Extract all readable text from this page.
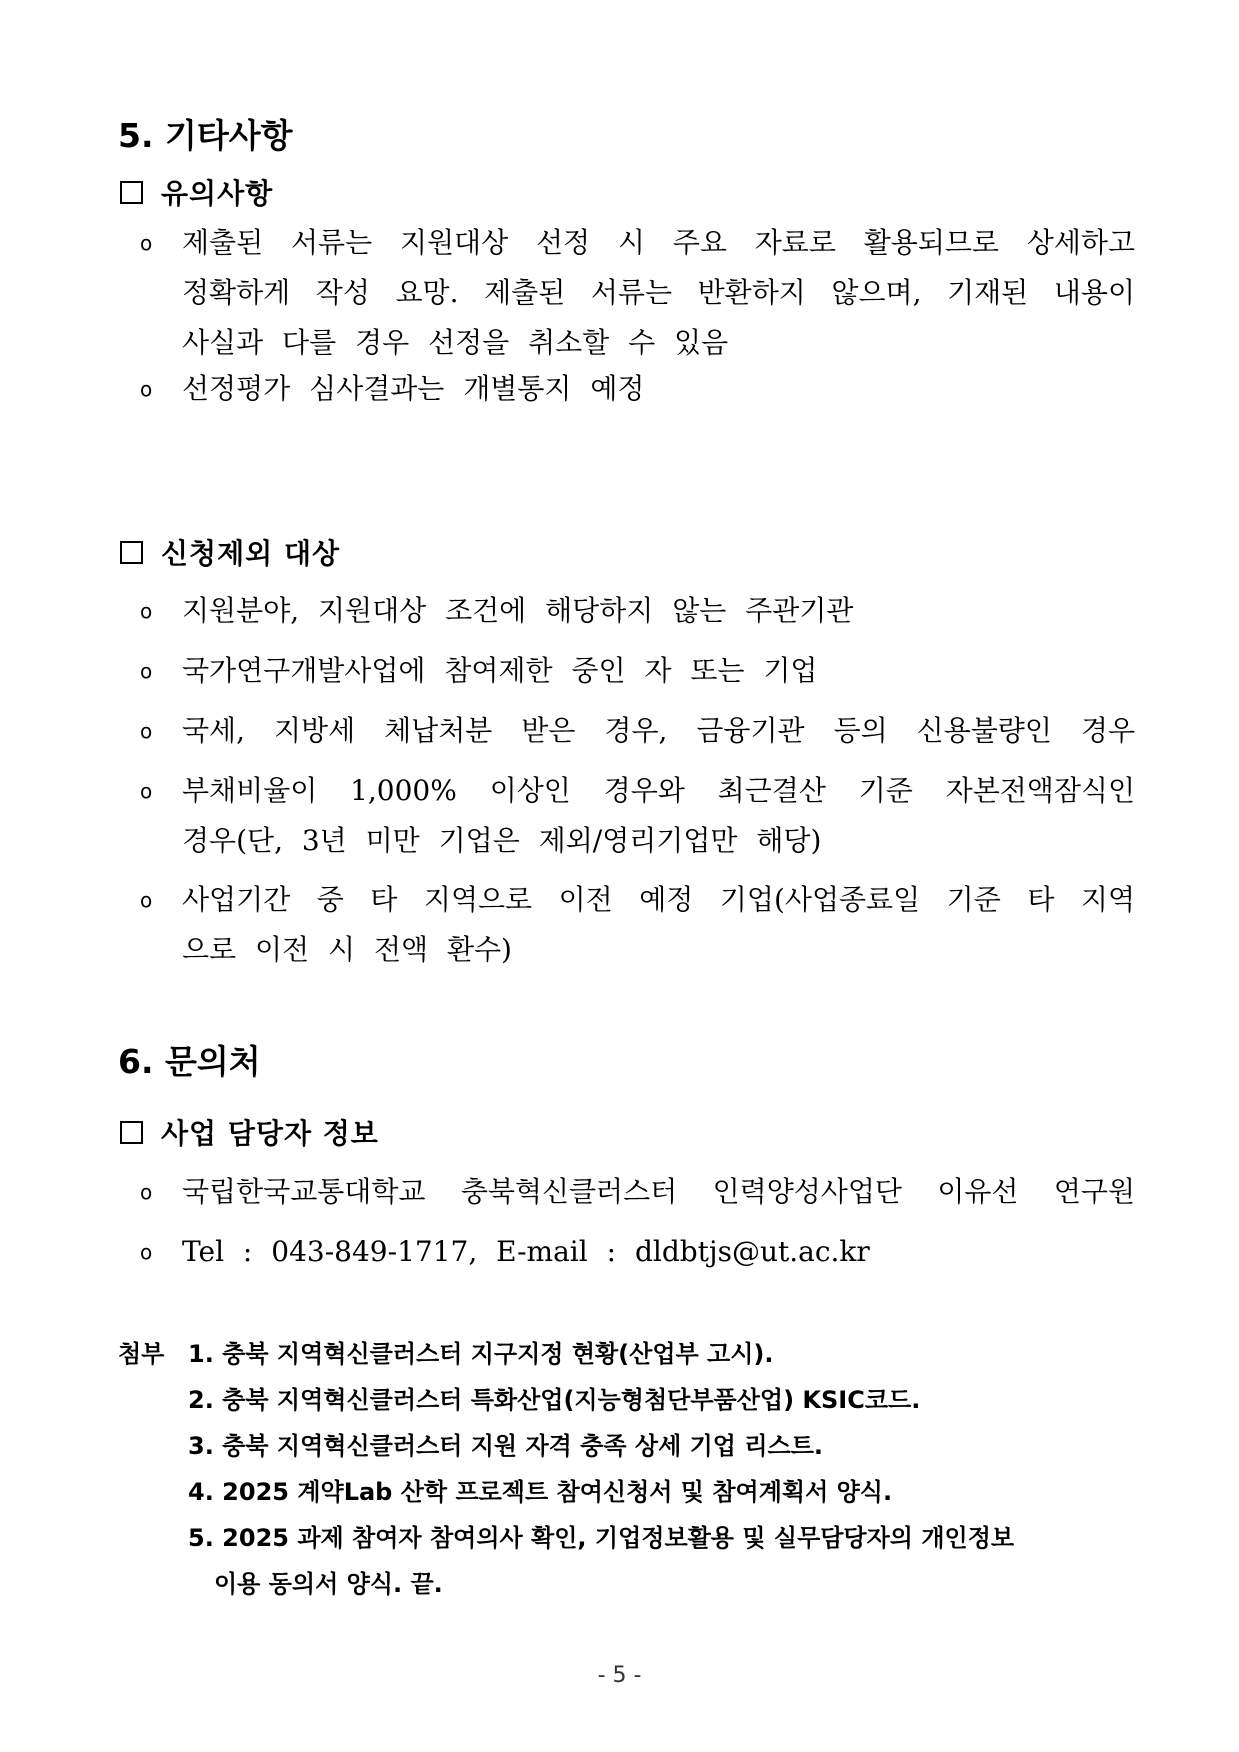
5. 기타사항
유의사항
ο 제출된 서류는 지원대상 선정 시 주요 자료로 활용되므로 상세하고
정확하게 작성 요망. 제출된 서류는 반환하지 않으며, 기재된 내용이
사실과 다를 경우 선정을 취소할 수 있음
ο 선정평가 심사결과는 개별통지 예정
신청제외 대상
ο 지원분야, 지원대상 조건에 해당하지 않는 주관기관
ο 국가연구개발사업에 참여제한 중인 자 또는 기업
ο 국세, 지방세 체납처분 받은 경우, 금융기관 등의 신용불량인 경우
ο 부채비율이 1,000% 이상인 경우와 최근결산 기준 자본전액잠식인
경우(단, 3년 미만 기업은 제외/영리기업만 해당)
ο 사업기간 중 타 지역으로 이전 예정 기업(사업종료일 기준 타 지역
으로 이전 시 전액 환수)
6. 문의처
사업 담당자 정보
ο 국립한국교통대학교 충북혁신클러스터 인력양성사업단 이유선 연구원
ο Tel : 043-849-1717, E-mail : dldbtjs@ut.ac.kr
첨부 1. 충북 지역혁신클러스터 지구지정 현황(산업부 고시).
2. 충북 지역혁신클러스터 특화산업(지능형첨단부품산업) KSIC코드.
3. 충북 지역혁신클러스터 지원 자격 충족 상세 기업 리스트.
4. 2025 계약Lab 산학 프로젝트 참여신청서 및 참여계획서 양식.
5. 2025 과제 참여자 참여의사 확인, 기업정보활용 및 실무담당자의 개인정보
이용 동의서 양식. 끝.
- 5 -
